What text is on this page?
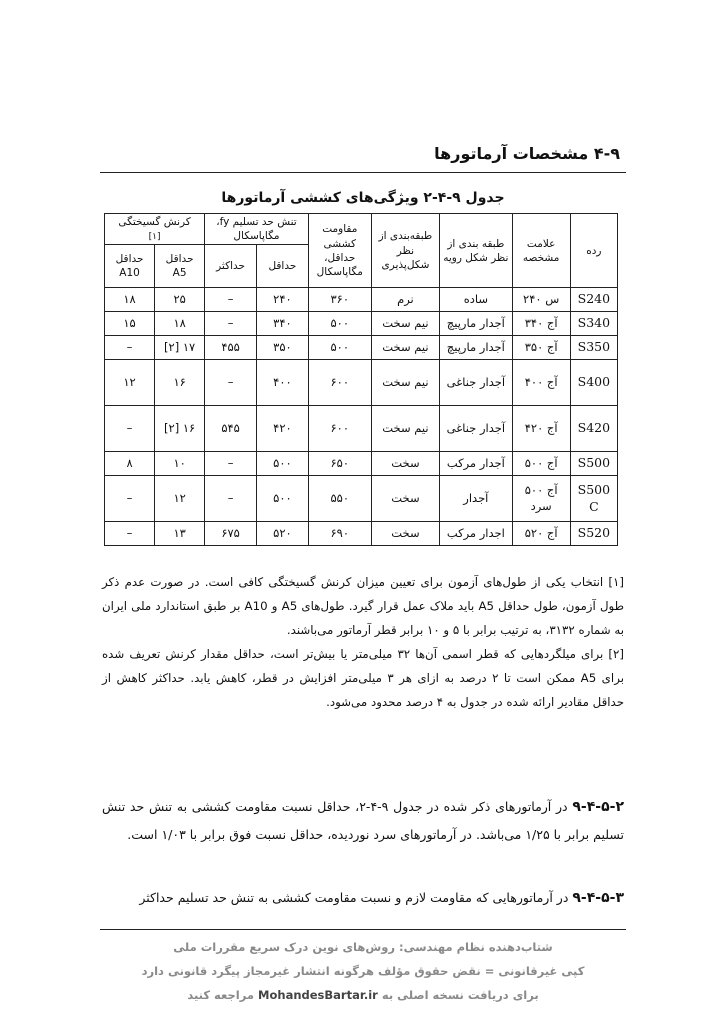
۴-۹ مشخصات آرماتورها
جدول ۹-۴-۲ ویژگی‌های کششی آرماتورها
رده	علامت مشخصه	طبقه بندی از نظر شکل رویه	طبقه‌بندی از نظر شکل‌پذیری	مقاومت کششی حداقل، مگاپاسکال	تنش حد تسلیم fy، مگاپاسکال		کرنش گسیختگی
[۱]	
					حداقل	حداکثر	حداقل A5	حداقل A10
S240	س ۲۴۰	ساده	نرم	۳۶۰	۲۴۰	–	۲۵	۱۸
S340	آج ۳۴۰	آجدار مارپیچ	نیم سخت	۵۰۰	۳۴۰	–	۱۸	۱۵
S350	آج ۳۵۰	آجدار مارپیچ	نیم سخت	۵۰۰	۳۵۰	۴۵۵	۱۷ [۲]	–
S400	آج ۴۰۰	آجدار جناغی	نیم سخت	۶۰۰	۴۰۰	–	۱۶	۱۲
S420	آج ۴۲۰	آجدار جناغی	نیم سخت	۶۰۰	۴۲۰	۵۴۵	۱۶ [۲]	–
S500	آج ۵۰۰	آجدار مرکب	سخت	۶۵۰	۵۰۰	–	۱۰	۸
S500 C	آج ۵۰۰ سرد	آجدار	سخت	۵۵۰	۵۰۰	–	۱۲	–
S520	آج ۵۲۰	اجدار مرکب	سخت	۶۹۰	۵۲۰	۶۷۵	۱۳	–

[۱] انتخاب یکی از طول‌های آزمون برای تعیین میزان کرنش گسیختگی کافی است. در صورت عدم ذکر طول آزمون، طول حداقل A5 باید ملاک عمل قرار گیرد. طول‌های A5 و A10 بر طبق استاندارد ملی ایران به شماره ۳۱۳۲، به ترتیب برابر با ۵ و ۱۰ برابر قطر آرماتور می‌باشند.

[۲] برای میلگردهایی که قطر اسمی آن‌ها ۳۲ میلی‌متر یا بیش‌تر است، حداقل مقدار کرنش تعریف شده برای A5 ممکن است تا ۲ درصد به ازای هر ۳ میلی‌متر افزایش در قطر، کاهش یابد. حداکثر کاهش از حداقل مقادیر ارائه شده در جدول به ۴ درصد محدود می‌شود.

۹-۴-۵-۲ در آرماتورهای ذکر شده در جدول ۹-۴-۲، حداقل نسبت مقاومت کششی به تنش حد تنش تسلیم برابر با ۱/۲۵ می‌باشد. در آرماتورهای سرد نوردیده، حداقل نسبت فوق برابر با ۱/۰۳ است.
۹-۴-۵-۳ در آرماتورهایی که مقاومت لازم و نسبت مقاومت کششی به تنش حد تسلیم حداکثر
شتاب‌دهنده نظام مهندسی: روش‌های نوین درک سریع مقررات ملی
کپی غیرقانونی = نقض حقوق مؤلف هرگونه انتشار غیرمجاز پیگرد قانونی دارد
برای دریافت نسخه اصلی به MohandesBartar.ir مراجعه کنید
